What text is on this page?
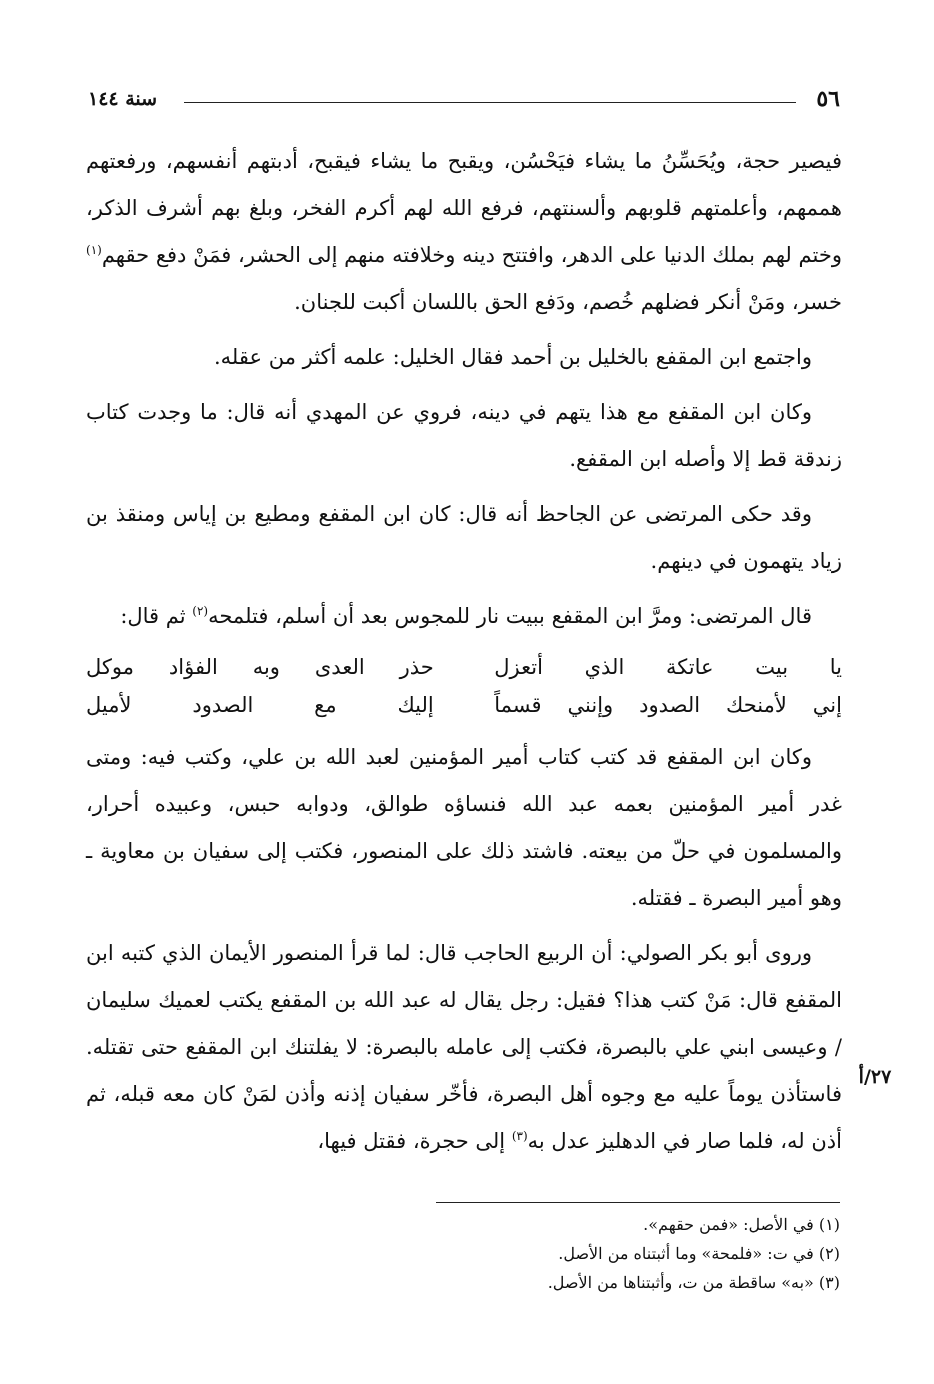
٥٦
سنة ١٤٤

فيصير حجة، ويُحَسِّنُ ما يشاء فيَحْسُن، ويقبح ما يشاء فيقبح، أدبتهم أنفسهم، ورفعتهم هممهم، وأعلمتهم قلوبهم وألسنتهم، فرفع الله لهم أكرم الفخر، وبلغ بهم أشرف الذكر، وختم لهم بملك الدنيا على الدهر، وافتتح دينه وخلافته منهم إلى الحشر، فمَنْ دفع حقهم$^{(١)}$ خسر، ومَنْ أنكر فضلهم خُصم، ودَفع الحق باللسان أكبت للجنان.

واجتمع ابن المقفع بالخليل بن أحمد فقال الخليل: علمه أكثر من عقله.

وكان ابن المقفع مع هذا يتهم في دينه، فروي عن المهدي أنه قال: ما وجدت كتاب زندقة قط إلا وأصله ابن المقفع.

وقد حكى المرتضى عن الجاحظ أنه قال: كان ابن المقفع ومطيع بن إياس ومنقذ بن زياد يتهمون في دينهم.

قال المرتضى: ومرَّ ابن المقفع ببيت نار للمجوس بعد أن أسلم، فتلمحه$^{(٢)}$ ثم قال:

يا بيت عاتكة الذي أتعزل
حذر العدى وبه الفؤاد موكل
إني لأمنحك الصدود وإنني قسماً
إليك مع الصدود لأميل

وكان ابن المقفع قد كتب كتاب أمير المؤمنين لعبد الله بن علي، وكتب فيه: ومتى غدر أمير المؤمنين بعمه عبد الله فنساؤه طوالق، ودوابه حبس، وعبيده أحرار، والمسلمون في حلّ من بيعته. فاشتد ذلك على المنصور، فكتب إلى سفيان بن معاوية ـ وهو أمير البصرة ـ فقتله.

وروى أبو بكر الصولي: أن الربيع الحاجب قال: لما قرأ المنصور الأيمان الذي كتبه ابن المقفع قال: مَنْ كتب هذا؟ فقيل: رجل يقال له عبد الله بن المقفع يكتب لعميك سليمان / وعيسى ابني علي بالبصرة، فكتب إلى عامله بالبصرة: لا يفلتنك ابن المقفع حتى تقتله. فاستأذن يوماً عليه مع وجوه أهل البصرة، فأخّر سفيان إذنه وأذن لمَنْ كان معه قبله، ثم أذن له، فلما صار في الدهليز عدل به$^{(٣)}$ إلى حجرة، فقتل فيها،

٢٧/أ

(١) في الأصل: «فمن حقهم».

(٢) في ت: «فلمحة» وما أثبتناه من الأصل.

(٣) «به» ساقطة من ت، وأثبتناها من الأصل.
